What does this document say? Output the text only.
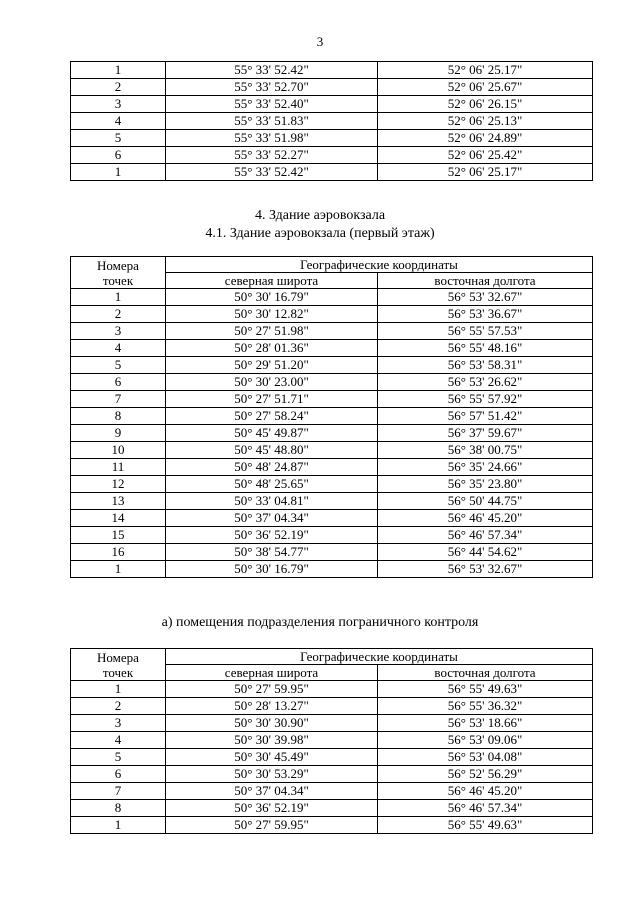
3
1	55° 33' 52.42"	52° 06' 25.17"
2	55° 33' 52.70"	52° 06' 25.67"
3	55° 33' 52.40"	52° 06' 26.15"
4	55° 33' 51.83"	52° 06' 25.13"
5	55° 33' 51.98"	52° 06' 24.89"
6	55° 33' 52.27"	52° 06' 25.42"
1	55° 33' 52.42"	52° 06' 25.17"
4. Здание аэровокзала
4.1. Здание аэровокзала (первый этаж)
Номера
точек	Географические координаты	
	северная широта	восточная долгота
1	50° 30' 16.79"	56° 53' 32.67"
2	50° 30' 12.82"	56° 53' 36.67"
3	50° 27' 51.98"	56° 55' 57.53"
4	50° 28' 01.36"	56° 55' 48.16"
5	50° 29' 51.20"	56° 53' 58.31"
6	50° 30' 23.00"	56° 53' 26.62"
7	50° 27' 51.71"	56° 55' 57.92"
8	50° 27' 58.24"	56° 57' 51.42"
9	50° 45' 49.87"	56° 37' 59.67"
10	50° 45' 48.80"	56° 38' 00.75"
11	50° 48' 24.87"	56° 35' 24.66"
12	50° 48' 25.65"	56° 35' 23.80"
13	50° 33' 04.81"	56° 50' 44.75"
14	50° 37' 04.34"	56° 46' 45.20"
15	50° 36' 52.19"	56° 46' 57.34"
16	50° 38' 54.77"	56° 44' 54.62"
1	50° 30' 16.79"	56° 53' 32.67"
а) помещения подразделения пограничного контроля
Номера
точек	Географические координаты	
	северная широта	восточная долгота
1	50° 27' 59.95"	56° 55' 49.63"
2	50° 28' 13.27"	56° 55' 36.32"
3	50° 30' 30.90"	56° 53' 18.66"
4	50° 30' 39.98"	56° 53' 09.06"
5	50° 30' 45.49"	56° 53' 04.08"
6	50° 30' 53.29"	56° 52' 56.29"
7	50° 37' 04.34"	56° 46' 45.20"
8	50° 36' 52.19"	56° 46' 57.34"
1	50° 27' 59.95"	56° 55' 49.63"
